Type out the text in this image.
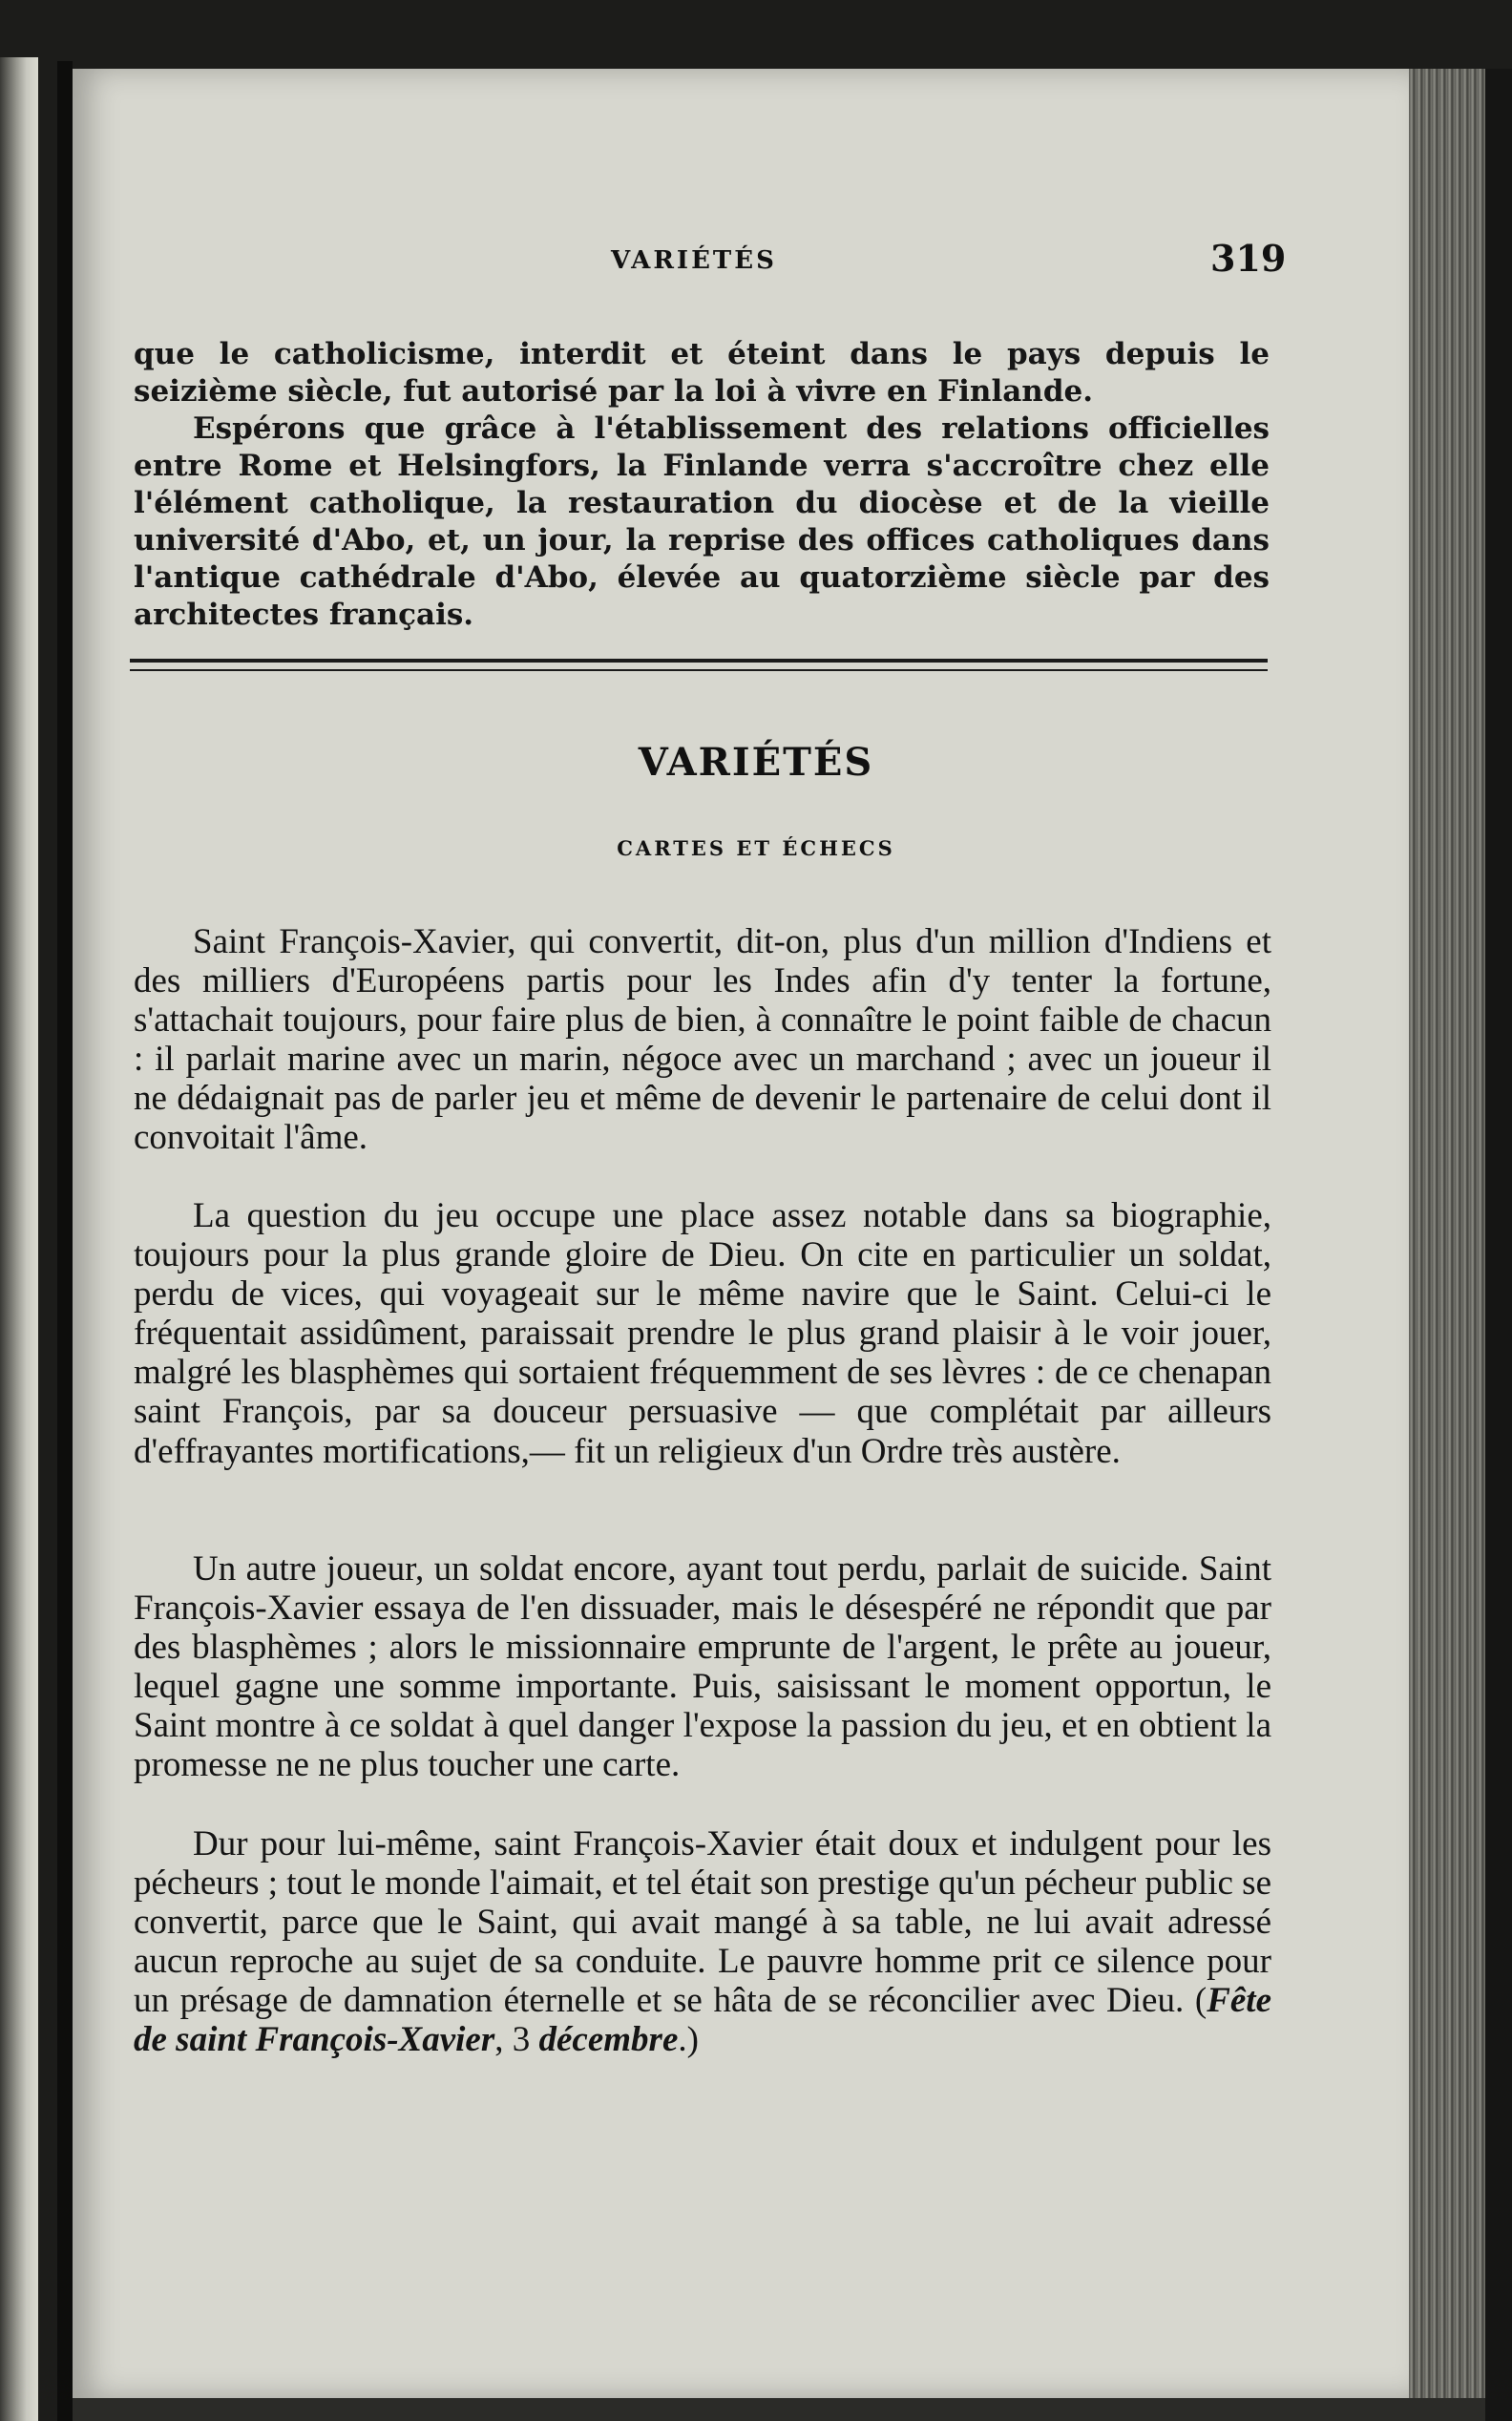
VARIÉTÉS	319

que le catholicisme, interdit et éteint dans le pays depuis le seizième siècle, fut autorisé par la loi à vivre en Finlande.

Espérons que grâce à l'établissement des relations officielles entre Rome et Helsingfors, la Finlande verra s'accroître chez elle l'élément catholique, la restauration du diocèse et de la vieille université d'Abo, et, un jour, la reprise des offices catholiques dans l'antique cathédrale d'Abo, élevée au quatorzième siècle par des architectes français.

VARIÉTÉS
CARTES ET ÉCHECS

Saint François-Xavier, qui convertit, dit-on, plus d'un million d'Indiens et des milliers d'Européens partis pour les Indes afin d'y tenter la fortune, s'attachait toujours, pour faire plus de bien, à connaître le point faible de chacun : il parlait marine avec un marin, négoce avec un marchand ; avec un joueur il ne dédaignait pas de parler jeu et même de devenir le partenaire de celui dont il convoitait l'âme.

La question du jeu occupe une place assez notable dans sa biographie, toujours pour la plus grande gloire de Dieu. On cite en particulier un soldat, perdu de vices, qui voyageait sur le même navire que le Saint. Celui-ci le fréquentait assidûment, paraissait prendre le plus grand plaisir à le voir jouer, malgré les blasphèmes qui sortaient fréquemment de ses lèvres : de ce chenapan saint François, par sa douceur persuasive — que complétait par ailleurs d'effrayantes mortifications,— fit un religieux d'un Ordre très austère.

Un autre joueur, un soldat encore, ayant tout perdu, parlait de suicide. Saint François-Xavier essaya de l'en dissuader, mais le désespéré ne répondit que par des blasphèmes ; alors le missionnaire emprunte de l'argent, le prête au joueur, lequel gagne une somme importante. Puis, saisissant le moment opportun, le Saint montre à ce soldat à quel danger l'expose la passion du jeu, et en obtient la promesse ne ne plus toucher une carte.

Dur pour lui-même, saint François-Xavier était doux et indulgent pour les pécheurs ; tout le monde l'aimait, et tel était son prestige qu'un pécheur public se convertit, parce que le Saint, qui avait mangé à sa table, ne lui avait adressé aucun reproche au sujet de sa conduite. Le pauvre homme prit ce silence pour un présage de damnation éternelle et se hâta de se réconcilier avec Dieu. (Fête de saint François-Xavier, 3 décembre.)
